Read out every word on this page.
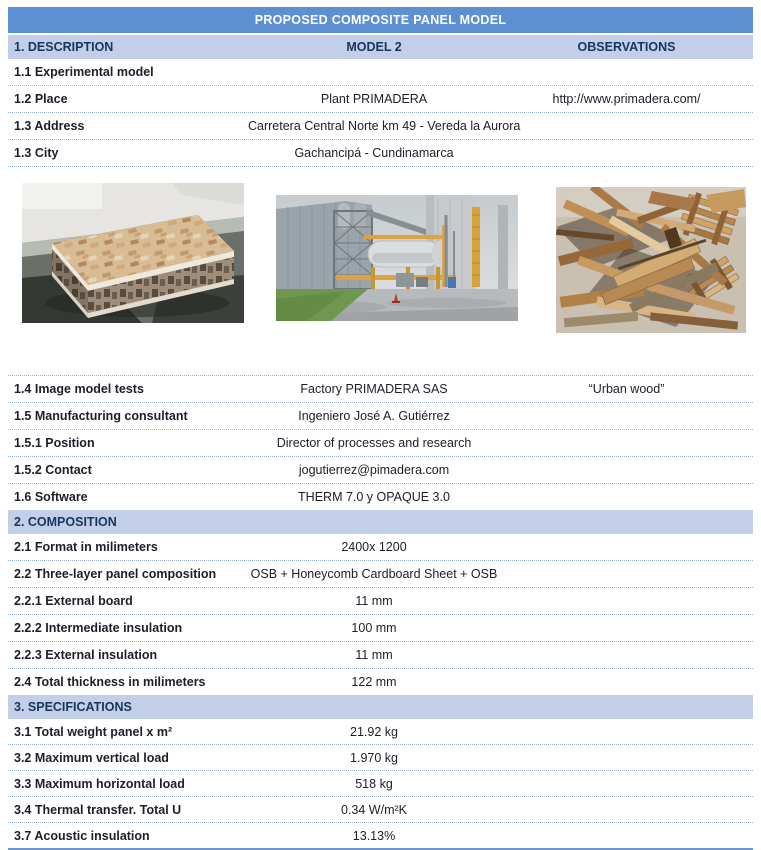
PROPOSED COMPOSITE PANEL MODEL
1. DESCRIPTION	MODEL 2	OBSERVATIONS
1.1 Experimental model
1.2 Place	Plant PRIMADERA	http://www.primadera.com/
1.3 Address	Carretera Central Norte km 49 - Vereda la Aurora
1.3 City	Gachancipá - Cundinamarca
1.4 Image model tests	Factory PRIMADERA SAS	“Urban wood”
1.5 Manufacturing consultant	Ingeniero José A. Gutiérrez
1.5.1 Position	Director of processes and research
1.5.2 Contact	jogutierrez@pimadera.com
1.6 Software	THERM 7.0 y OPAQUE 3.0
2. COMPOSITION
2.1 Format in milimeters	2400x 1200
2.2 Three-layer panel composition	OSB + Honeycomb Cardboard Sheet + OSB
2.2.1 External board	11 mm
2.2.2 Intermediate insulation	100 mm
2.2.3 External insulation	11 mm
2.4 Total thickness in milimeters	122 mm
3. SPECIFICATIONS
3.1 Total weight panel x m²	21.92 kg
3.2 Maximum vertical load	1.970 kg
3.3 Maximum horizontal load	518 kg
3.4 Thermal transfer. Total U	0.34 W/m²K
3.7 Acoustic insulation	13.13%
